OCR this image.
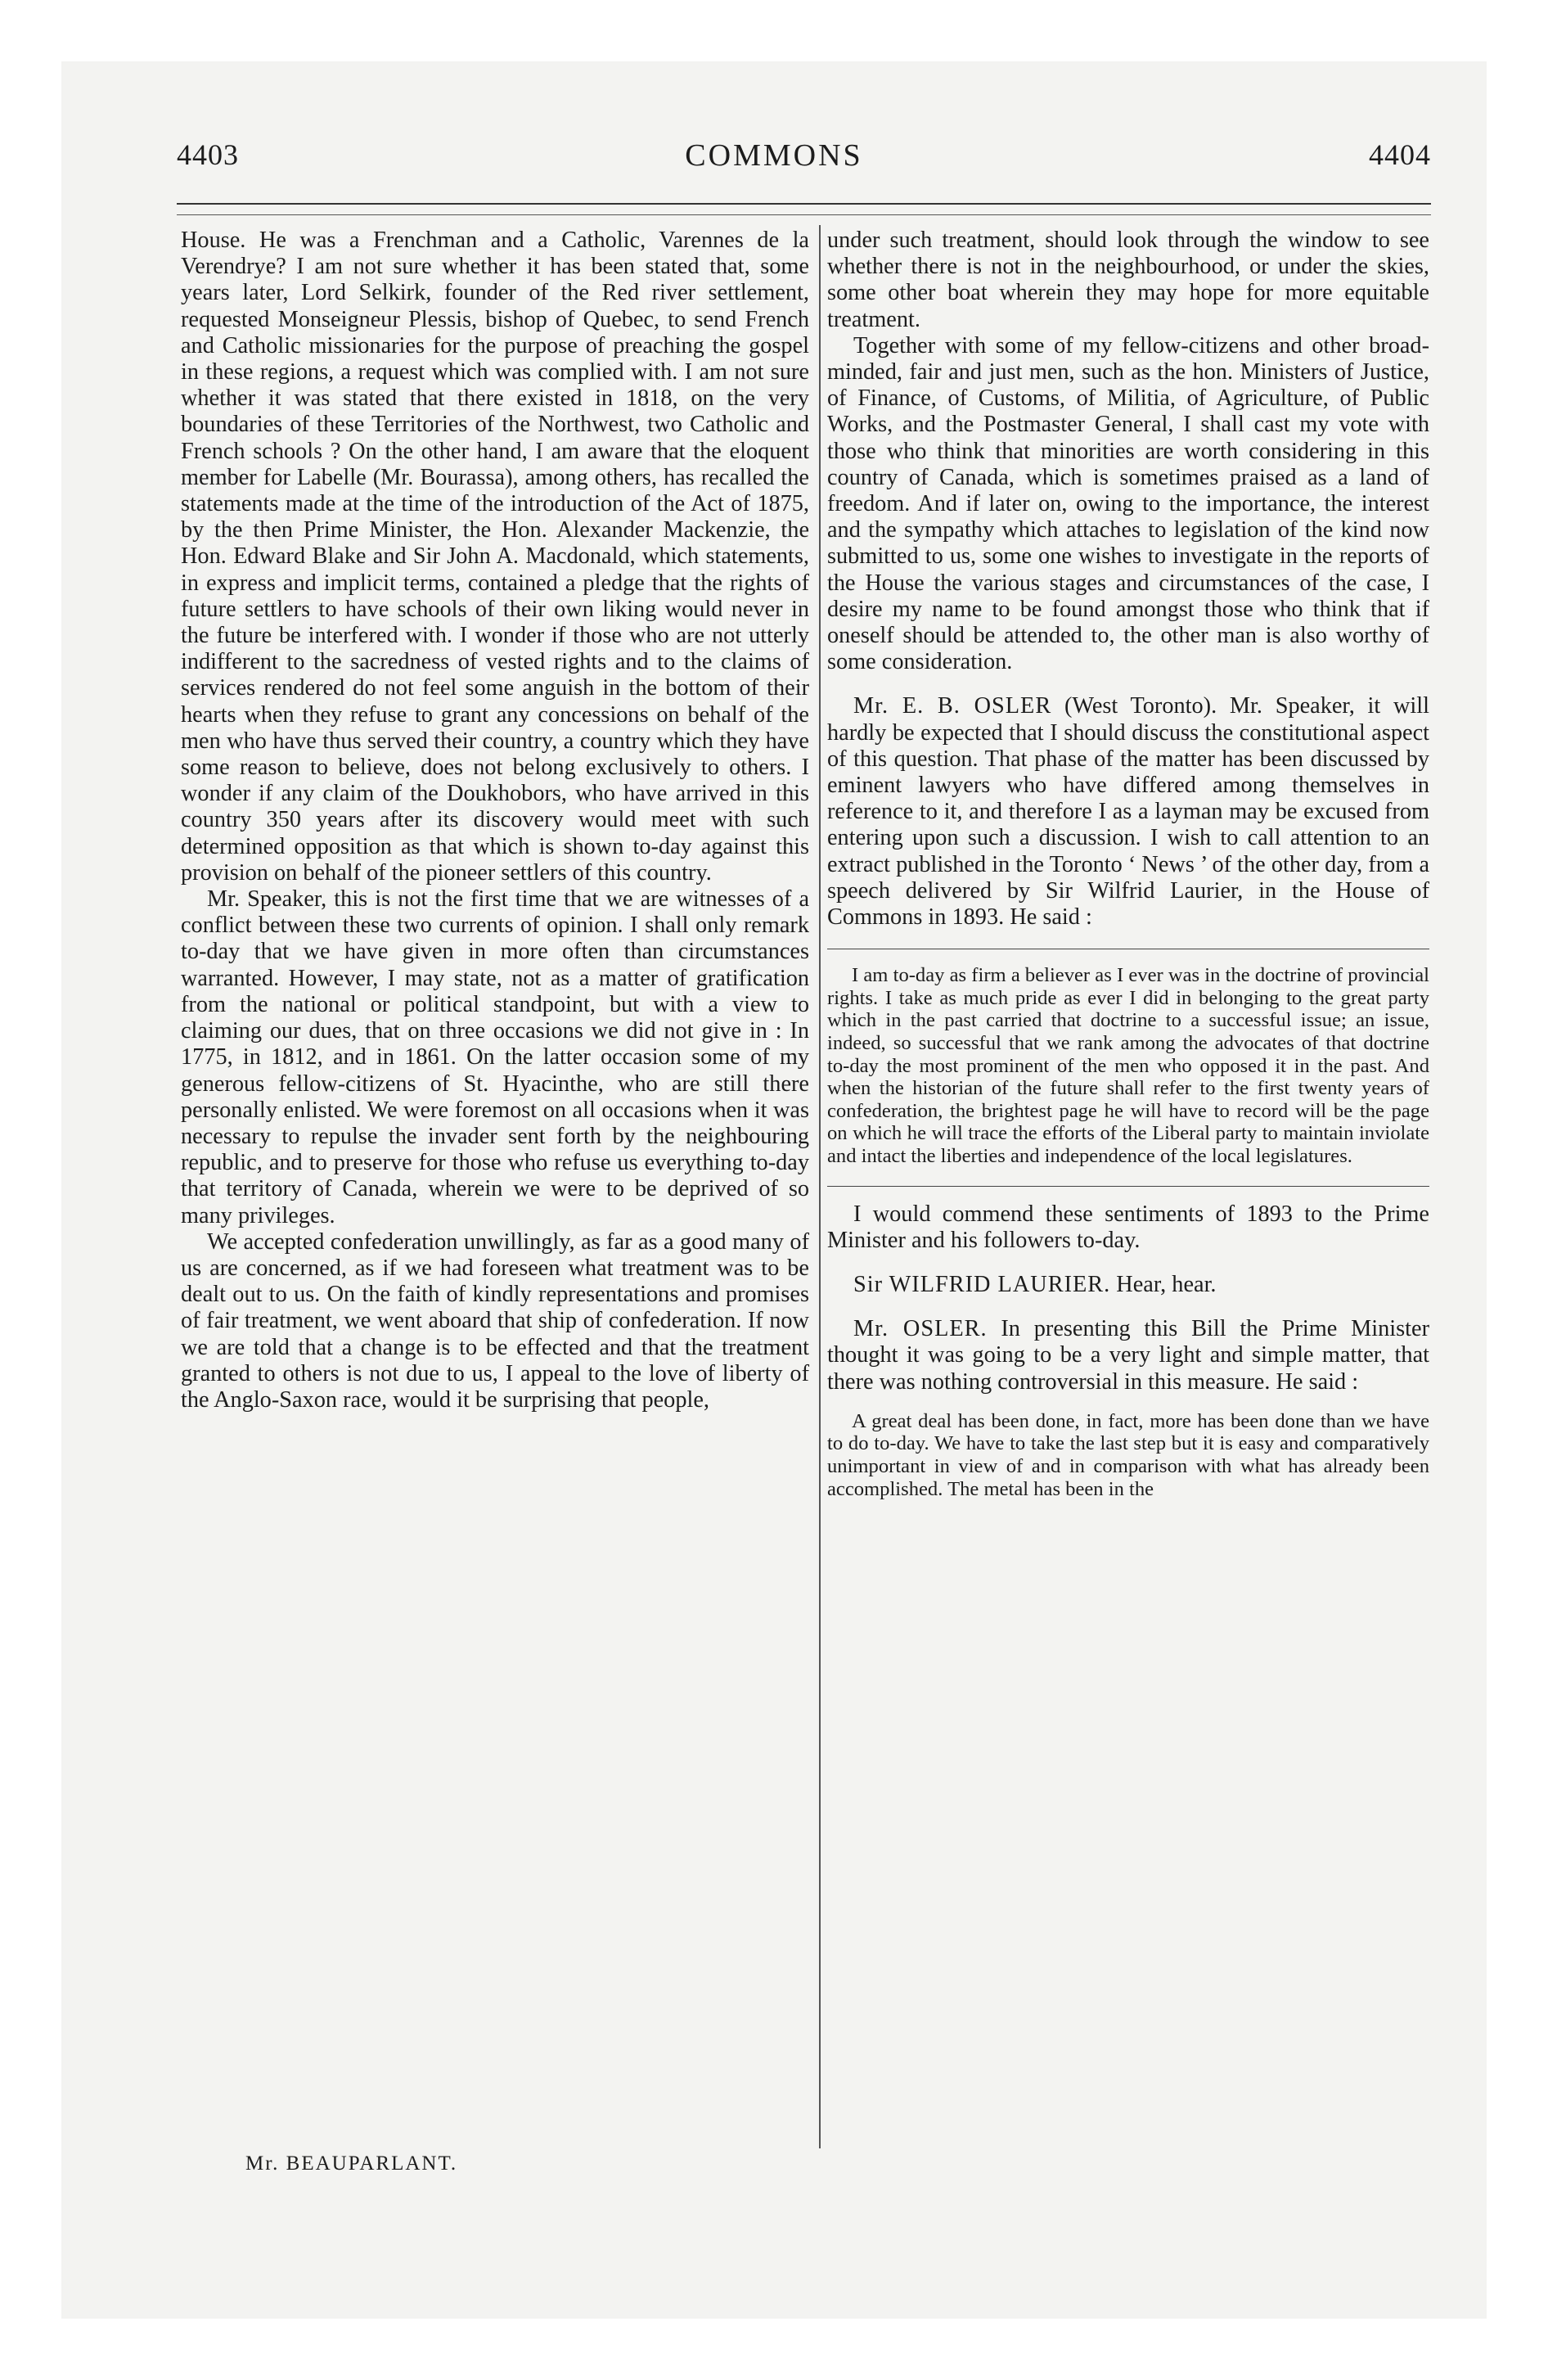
4403	COMMONS	4404

House. He was a Frenchman and a Catholic, Varennes de la Verendrye? I am not sure whether it has been stated that, some years later, Lord Selkirk, founder of the Red river settlement, requested Monseigneur Plessis, bishop of Quebec, to send French and Catholic missionaries for the purpose of preaching the gospel in these regions, a request which was complied with. I am not sure whether it was stated that there existed in 1818, on the very boundaries of these Territories of the Northwest, two Catholic and French schools ? On the other hand, I am aware that the eloquent member for Labelle (Mr. Bourassa), among others, has recalled the statements made at the time of the introduction of the Act of 1875, by the then Prime Minister, the Hon. Alexander Mackenzie, the Hon. Edward Blake and Sir John A. Macdonald, which statements, in express and implicit terms, contained a pledge that the rights of future settlers to have schools of their own liking would never in the future be interfered with. I wonder if those who are not utterly indifferent to the sacredness of vested rights and to the claims of services rendered do not feel some anguish in the bottom of their hearts when they refuse to grant any concessions on behalf of the men who have thus served their country, a country which they have some reason to believe, does not belong exclusively to others. I wonder if any claim of the Doukhobors, who have arrived in this country 350 years after its discovery would meet with such determined opposition as that which is shown to-day against this provision on behalf of the pioneer settlers of this country.

Mr. Speaker, this is not the first time that we are witnesses of a conflict between these two currents of opinion. I shall only remark to-day that we have given in more often than circumstances warranted. However, I may state, not as a matter of gratification from the national or political standpoint, but with a view to claiming our dues, that on three occasions we did not give in : In 1775, in 1812, and in 1861. On the latter occasion some of my generous fellow-citizens of St. Hyacinthe, who are still there personally enlisted. We were foremost on all occasions when it was necessary to repulse the invader sent forth by the neighbouring republic, and to preserve for those who refuse us everything to-day that territory of Canada, wherein we were to be deprived of so many privileges.

We accepted confederation unwillingly, as far as a good many of us are concerned, as if we had foreseen what treatment was to be dealt out to us. On the faith of kindly representations and promises of fair treatment, we went aboard that ship of confederation. If now we are told that a change is to be effected and that the treatment granted to others is not due to us, I appeal to the love of liberty of the Anglo-Saxon race, would it be surprising that people,

Mr. BEAUPARLANT.

under such treatment, should look through the window to see whether there is not in the neighbourhood, or under the skies, some other boat wherein they may hope for more equitable treatment.

Together with some of my fellow-citizens and other broad-minded, fair and just men, such as the hon. Ministers of Justice, of Finance, of Customs, of Militia, of Agriculture, of Public Works, and the Postmaster General, I shall cast my vote with those who think that minorities are worth considering in this country of Canada, which is sometimes praised as a land of freedom. And if later on, owing to the importance, the interest and the sympathy which attaches to legislation of the kind now submitted to us, some one wishes to investigate in the reports of the House the various stages and circumstances of the case, I desire my name to be found amongst those who think that if oneself should be attended to, the other man is also worthy of some consideration.

Mr. E. B. OSLER (West Toronto). Mr. Speaker, it will hardly be expected that I should discuss the constitutional aspect of this question. That phase of the matter has been discussed by eminent lawyers who have differed among themselves in reference to it, and therefore I as a layman may be excused from entering upon such a discussion. I wish to call attention to an extract published in the Toronto ‘ News ’ of the other day, from a speech delivered by Sir Wilfrid Laurier, in the House of Commons in 1893. He said :

I am to-day as firm a believer as I ever was in the doctrine of provincial rights. I take as much pride as ever I did in belonging to the great party which in the past carried that doctrine to a successful issue; an issue, indeed, so successful that we rank among the advocates of that doctrine to-day the most prominent of the men who opposed it in the past. And when the historian of the future shall refer to the first twenty years of confederation, the brightest page he will have to record will be the page on which he will trace the efforts of the Liberal party to maintain inviolate and intact the liberties and independence of the local legislatures.

I would commend these sentiments of 1893 to the Prime Minister and his followers to-day.

Sir WILFRID LAURIER. Hear, hear.

Mr. OSLER. In presenting this Bill the Prime Minister thought it was going to be a very light and simple matter, that there was nothing controversial in this measure. He said :

A great deal has been done, in fact, more has been done than we have to do to-day. We have to take the last step but it is easy and comparatively unimportant in view of and in comparison with what has already been accomplished. The metal has been in the
